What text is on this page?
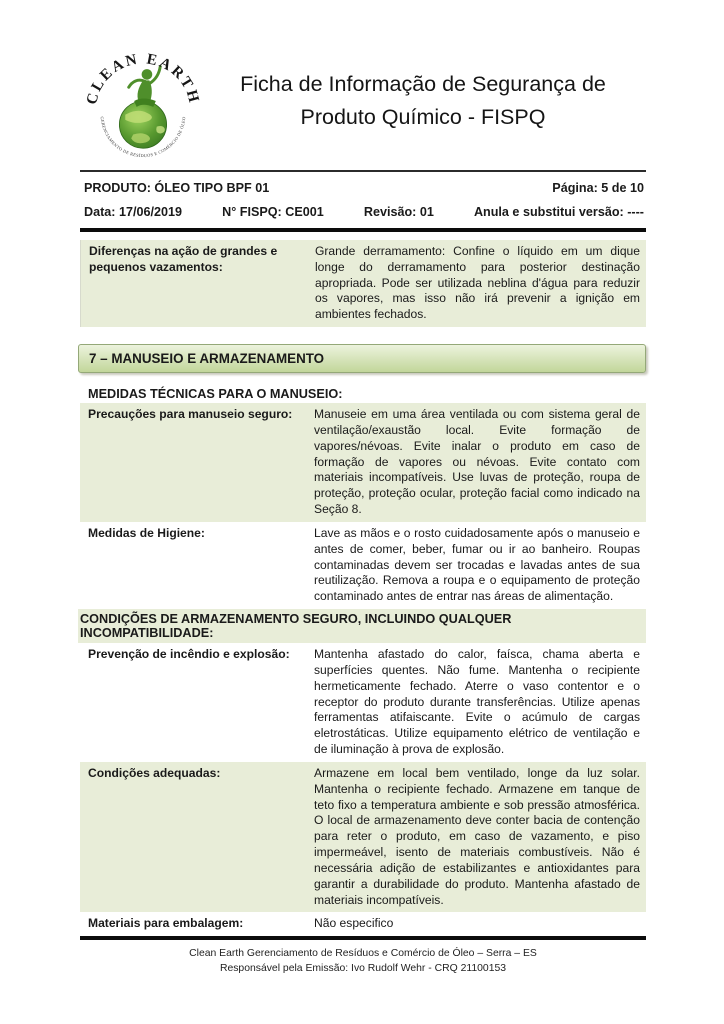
CLEAN EARTH
GERENCIAMENTO DE RESÍDUOS E COMÉRCIO DE ÓLEO
Ficha de Informação de Segurança de
Produto Químico - FISPQ
PRODUTO: ÓLEO TIPO BPF 01	Página: 5 de 10
Data: 17/06/2019	N° FISPQ: CE001	Revisão: 01	Anula e substitui versão: ----
Diferenças na ação de grandes e pequenos vazamentos:
Grande derramamento: Confine o líquido em um dique longe do derramamento para posterior destinação apropriada. Pode ser utilizada neblina d'água para reduzir os vapores, mas isso não irá prevenir a ignição em ambientes fechados.
7 – MANUSEIO E ARMAZENAMENTO
MEDIDAS TÉCNICAS PARA O MANUSEIO:
Precauções para manuseio seguro:	Manuseie em uma área ventilada ou com sistema geral de ventilação/exaustão local. Evite formação de vapores/névoas. Evite inalar o produto em caso de formação de vapores ou névoas. Evite contato com materiais incompatíveis. Use luvas de proteção, roupa de proteção, proteção ocular, proteção facial como indicado na Seção 8.
Medidas de Higiene:	Lave as mãos e o rosto cuidadosamente após o manuseio e antes de comer, beber, fumar ou ir ao banheiro. Roupas contaminadas devem ser trocadas e lavadas antes de sua reutilização. Remova a roupa e o equipamento de proteção contaminado antes de entrar nas áreas de alimentação.
CONDIÇÕES DE ARMAZENAMENTO SEGURO, INCLUINDO QUALQUER INCOMPATIBILIDADE:
Prevenção de incêndio e explosão:	Mantenha afastado do calor, faísca, chama aberta e superfícies quentes. Não fume. Mantenha o recipiente hermeticamente fechado. Aterre o vaso contentor e o receptor do produto durante transferências. Utilize apenas ferramentas atifaiscante. Evite o acúmulo de cargas eletrostáticas. Utilize equipamento elétrico de ventilação e de iluminação à prova de explosão.
Condições adequadas:	Armazene em local bem ventilado, longe da luz solar. Mantenha o recipiente fechado. Armazene em tanque de teto fixo a temperatura ambiente e sob pressão atmosférica. O local de armazenamento deve conter bacia de contenção para reter o produto, em caso de vazamento, e piso impermeável, isento de materiais combustíveis. Não é necessária adição de estabilizantes e antioxidantes para garantir a durabilidade do produto. Mantenha afastado de materiais incompatíveis.
Materiais para embalagem:	Não especifico
Clean Earth Gerenciamento de Resíduos e Comércio de Óleo – Serra – ES
Responsável pela Emissão: Ivo Rudolf Wehr - CRQ 21100153
